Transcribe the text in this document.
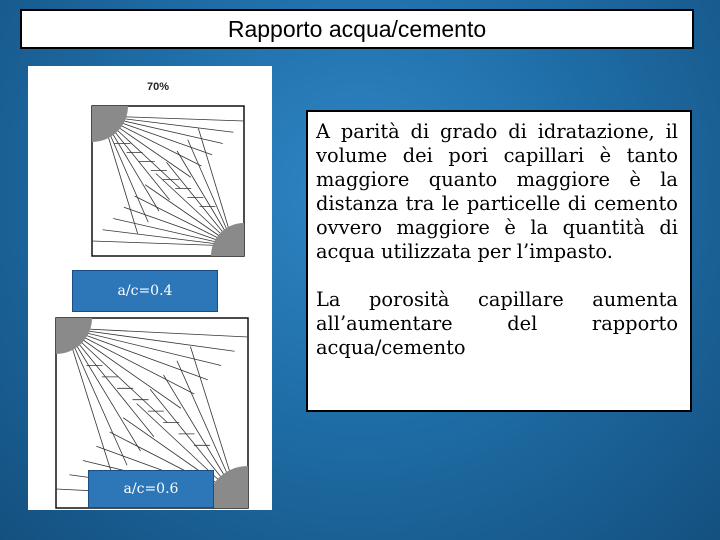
Rapporto acqua/cemento
70%
a/c=0.4
a/c=0.6

A parità di grado di idratazione, il volume dei pori capillari è tanto maggiore quanto maggiore è la distanza tra le particelle di cemento ovvero maggiore è la quantità di acqua utilizzata per l’impasto.

La porosità capillare aumenta all’aumentare del rapporto acqua/cemento
